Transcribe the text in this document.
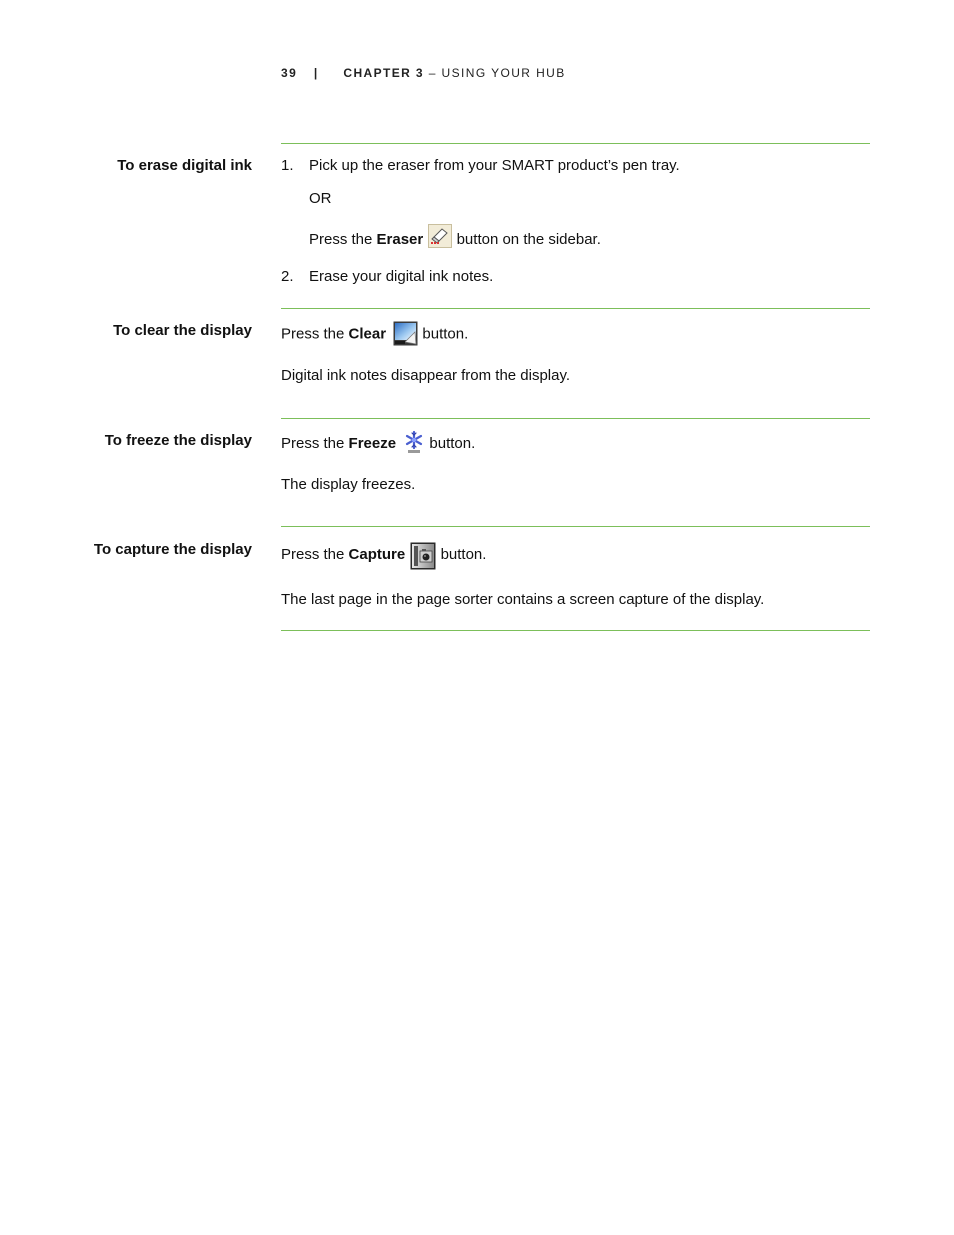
39 | CHAPTER 3 – USING YOUR HUB
To erase digital ink 1. Pick up the eraser from your SMART product’s pen tray.
OR
Press the Eraser
button on the sidebar.
2. Erase your digital ink notes.
To clear the display Press the Clear
button.
Digital ink notes disappear from the display.
To freeze the display Press the Freeze
button.
The display freezes.
To capture the display Press the Capture
button.
The last page in the page sorter contains a screen capture of the display.
